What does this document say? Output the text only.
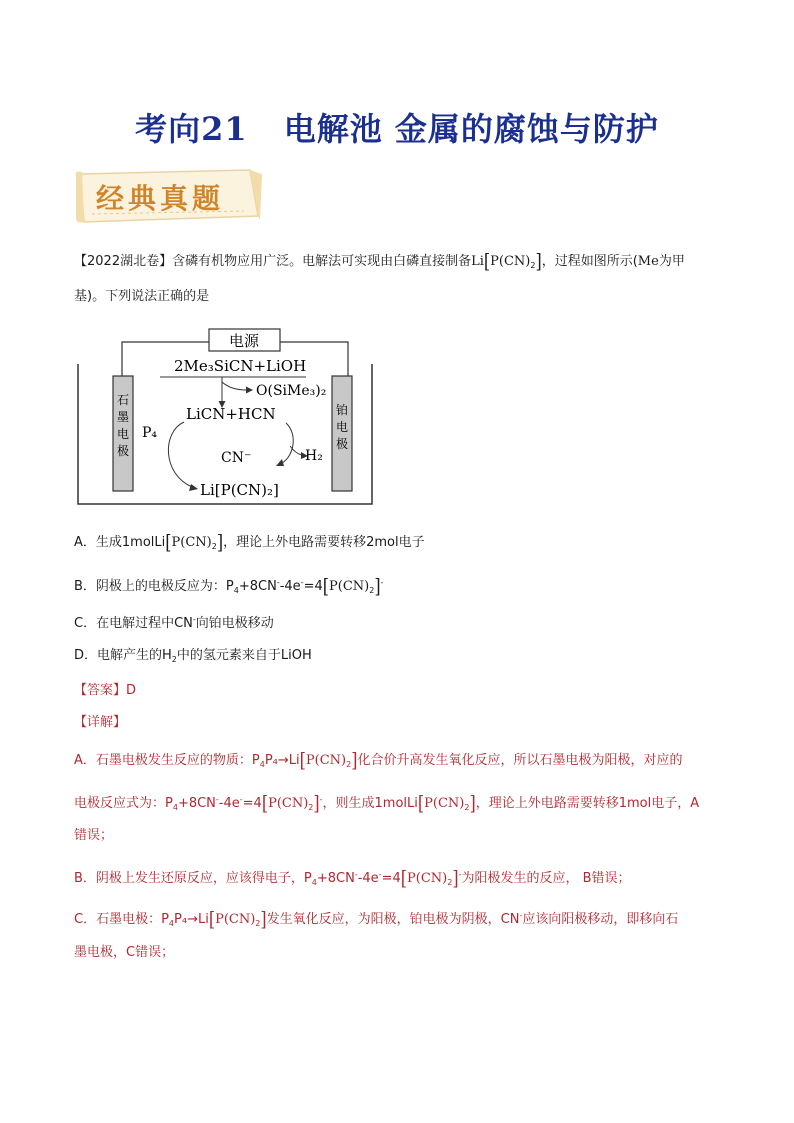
考向21 电解池 金属的腐蚀与防护
经典真题
【2022湖北卷】含磷有机物应用广泛。电解法可实现由白磷直接制备$Li[P(CN)_2]$，过程如图所示(Me为甲
基)。下列说法正确的是
电源
石
墨
电
极
铂
电
极
2Me₃SiCN+LiOH
O(SiMe₃)₂
LiCN+HCN
P₄
H₂
CN⁻
Li[P(CN)₂]
A．生成$1molLi[P(CN)_2]$，理论上外电路需要转移2mol电子
B．阴极上的电极反应为：$P_4+8CN^--4e^-=4[P(CN)_2]^-$
C．在电解过程中CN-向铂电极移动
D．电解产生的$H_2$中的氢元素来自于LiOH
【答案】D
【详解】
A．石墨电极发生反应的物质：$P_4P_4\to Li[P(CN)_2]$化合价升高发生氧化反应，所以石墨电极为阳极，对应的
电极反应式为：$P_4+8CN^--4e^-=4[P(CN)_2]^-$，则生成$1molLi[P(CN)_2]$，理论上外电路需要转移1mol电子，A
错误；
B．阴极上发生还原反应，应该得电子，$P_4+8CN^--4e^-=4[P(CN)_2]^-$为阳极发生的反应， B错误；
C．石墨电极：$P_4P_4\to Li[P(CN)_2]$发生氧化反应，为阳极，铂电极为阴极，CN-应该向阳极移动，即移向石
墨电极，C错误；
